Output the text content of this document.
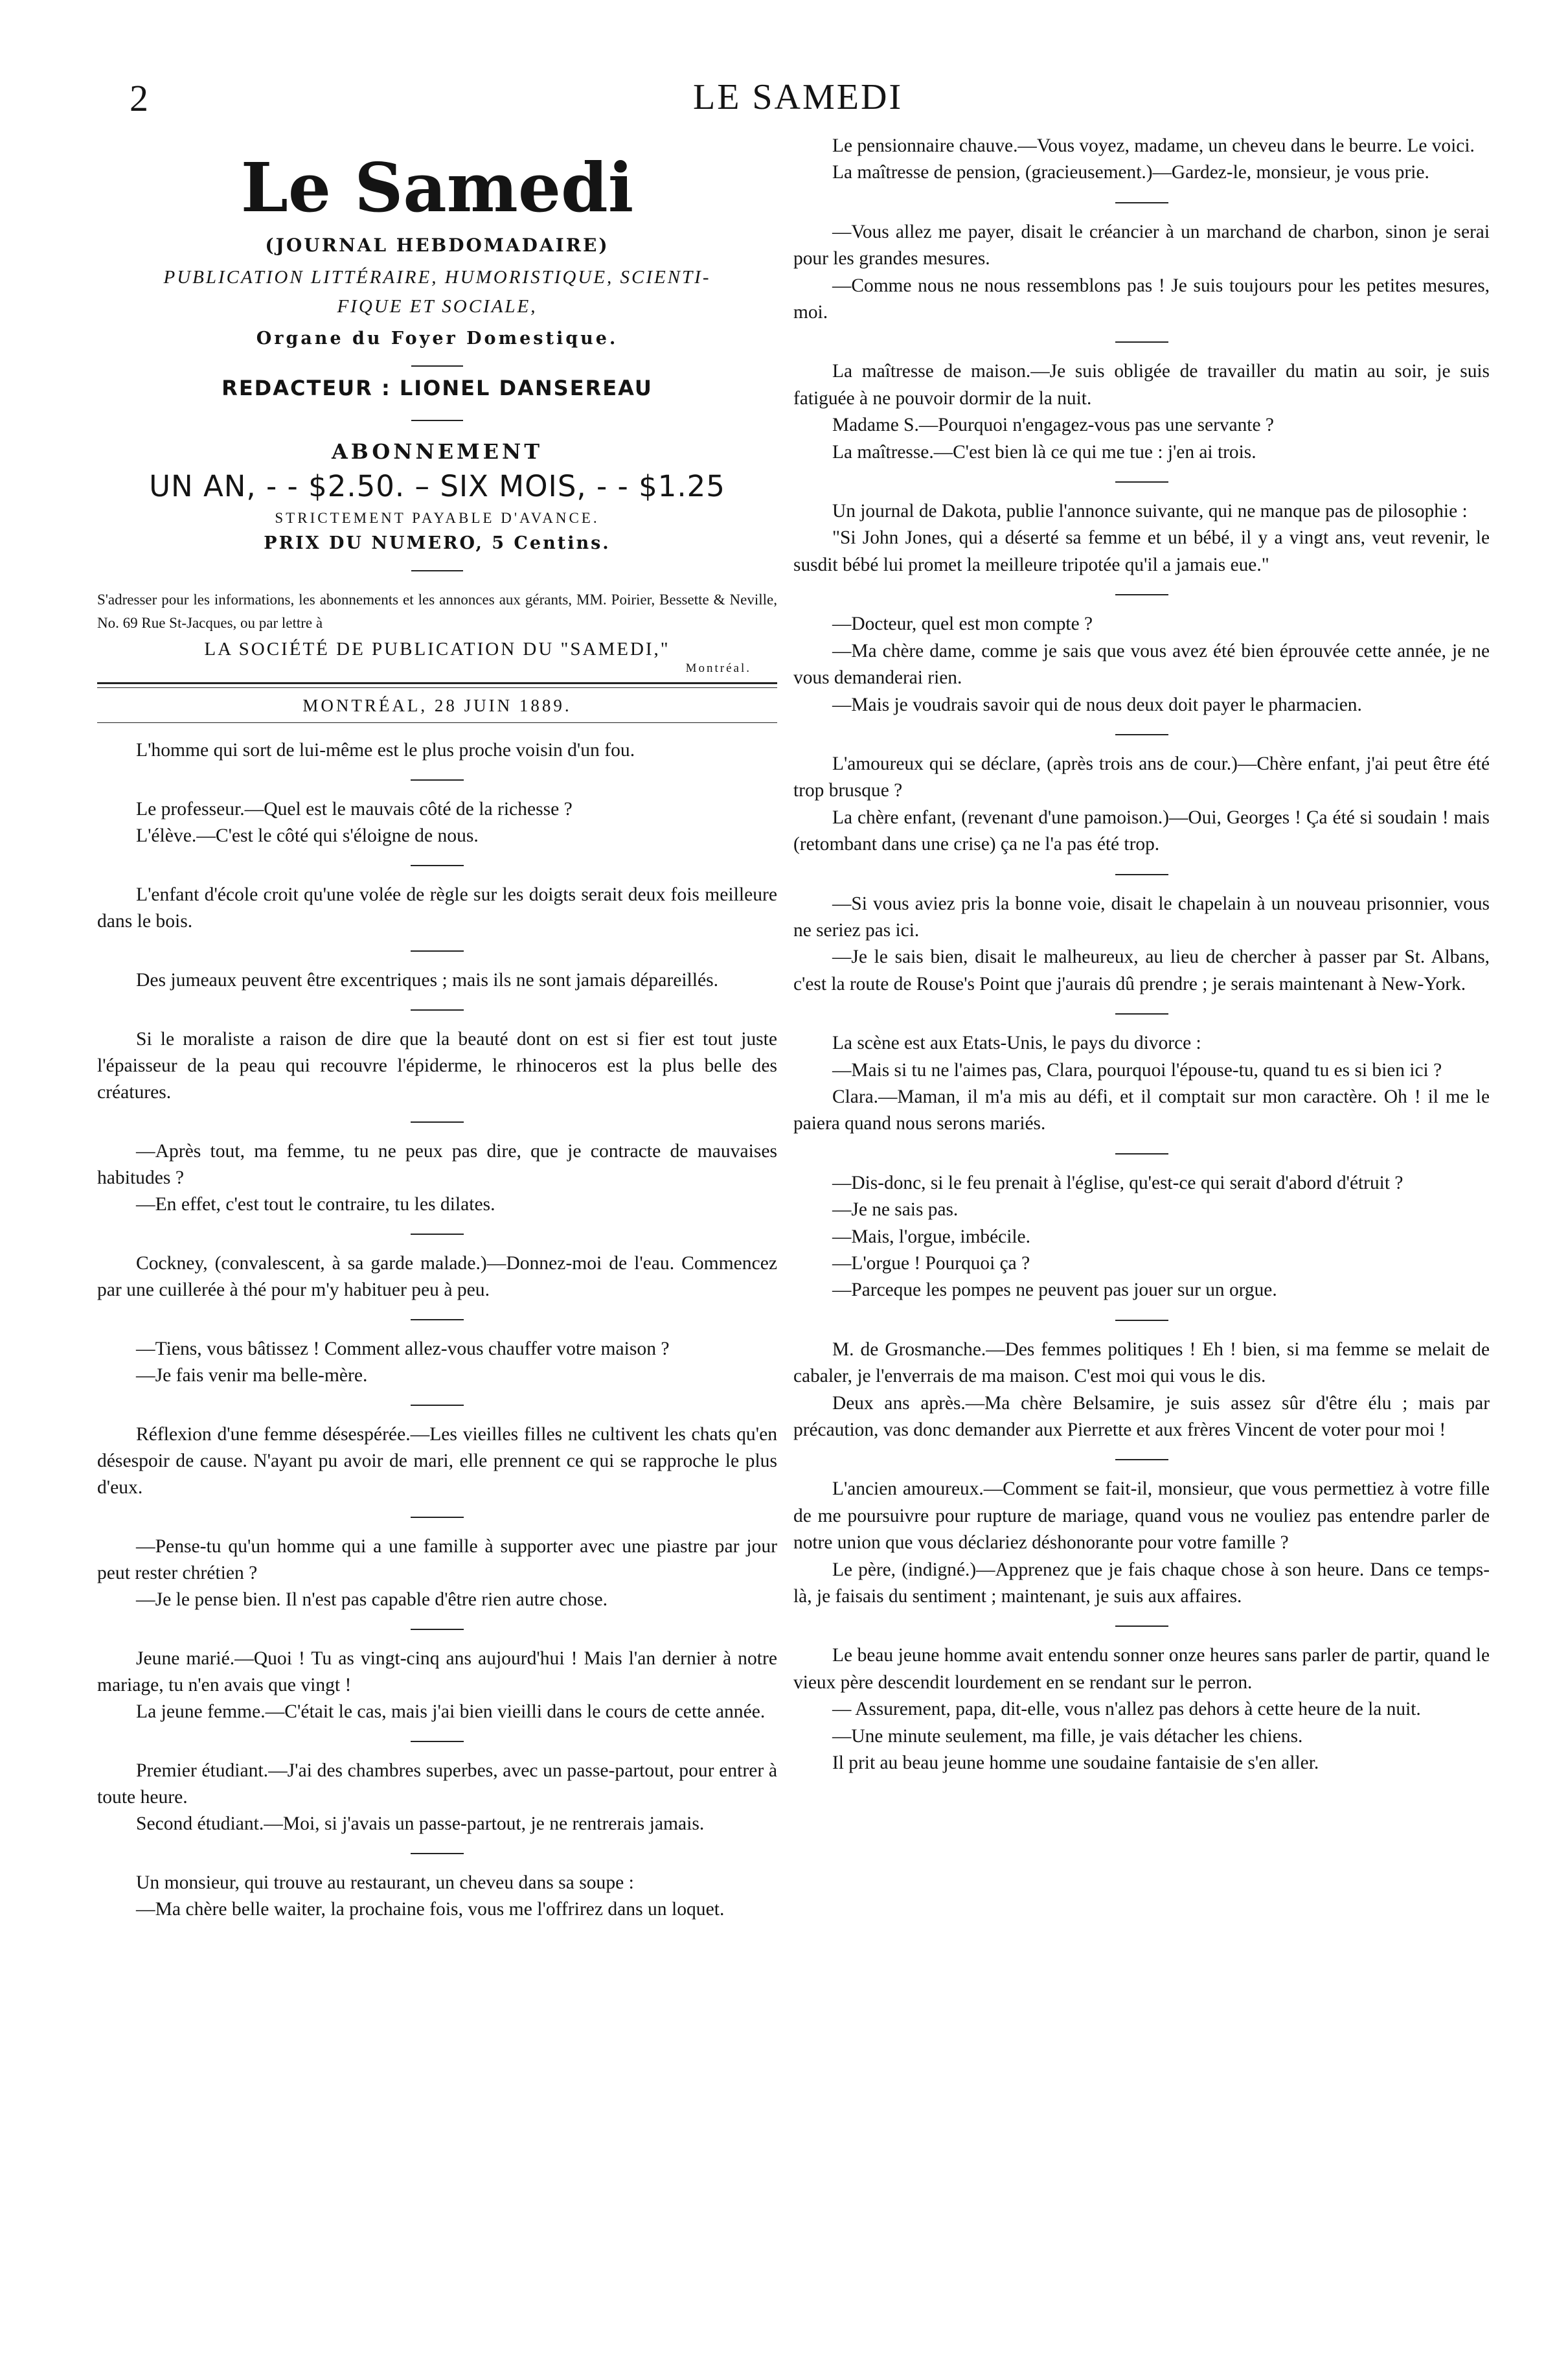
2	LE SAMEDI
Le Samedi
(JOURNAL HEBDOMADAIRE)
PUBLICATION LITTÉRAIRE, HUMORISTIQUE, SCIENTI-
FIQUE ET SOCIALE,
Organe du Foyer Domestique.
REDACTEUR : LIONEL DANSEREAU
ABONNEMENT
UN AN, - - $2.50. – SIX MOIS, - - $1.25
STRICTEMENT PAYABLE D'AVANCE.
PRIX DU NUMERO, 5 Centins.

S'adresser pour les informations, les abonnements et les annonces aux gérants, MM. Poirier, Bessette & Neville, No. 69 Rue St-Jacques, ou par lettre à

LA SOCIÉTÉ DE PUBLICATION DU "SAMEDI,"
Montréal.
MONTRÉAL, 28 JUIN 1889.

L'homme qui sort de lui-même est le plus proche voisin d'un fou.

Le professeur.—Quel est le mauvais côté de la richesse ?

L'élève.—C'est le côté qui s'éloigne de nous.

L'enfant d'école croit qu'une volée de règle sur les doigts serait deux fois meilleure dans le bois.

Des jumeaux peuvent être excentriques ; mais ils ne sont jamais dépareillés.

Si le moraliste a raison de dire que la beauté dont on est si fier est tout juste l'épaisseur de la peau qui recouvre l'épiderme, le rhinoceros est la plus belle des créatures.

—Après tout, ma femme, tu ne peux pas dire, que je contracte de mauvaises habitudes ?

—En effet, c'est tout le contraire, tu les dilates.

Cockney, (convalescent, à sa garde malade.)—Donnez-moi de l'eau. Commencez par une cuillerée à thé pour m'y habituer peu à peu.

—Tiens, vous bâtissez ! Comment allez-vous chauffer votre maison ?

—Je fais venir ma belle-mère.

Réflexion d'une femme désespérée.—Les vieilles filles ne cultivent les chats qu'en désespoir de cause. N'ayant pu avoir de mari, elle prennent ce qui se rapproche le plus d'eux.

—Pense-tu qu'un homme qui a une famille à supporter avec une piastre par jour peut rester chrétien ?

—Je le pense bien. Il n'est pas capable d'être rien autre chose.

Jeune marié.—Quoi ! Tu as vingt-cinq ans aujourd'hui ! Mais l'an dernier à notre mariage, tu n'en avais que vingt !

La jeune femme.—C'était le cas, mais j'ai bien vieilli dans le cours de cette année.

Premier étudiant.—J'ai des chambres superbes, avec un passe-partout, pour entrer à toute heure.

Second étudiant.—Moi, si j'avais un passe-partout, je ne rentrerais jamais.

Un monsieur, qui trouve au restaurant, un cheveu dans sa soupe :

—Ma chère belle waiter, la prochaine fois, vous me l'offrirez dans un loquet.

Le pensionnaire chauve.—Vous voyez, madame, un cheveu dans le beurre. Le voici.

La maîtresse de pension, (gracieusement.)—Gardez-le, monsieur, je vous prie.

—Vous allez me payer, disait le créancier à un marchand de charbon, sinon je serai pour les grandes mesures.

—Comme nous ne nous ressemblons pas ! Je suis toujours pour les petites mesures, moi.

La maîtresse de maison.—Je suis obligée de travailler du matin au soir, je suis fatiguée à ne pouvoir dormir de la nuit.

Madame S.—Pourquoi n'engagez-vous pas une servante ?

La maîtresse.—C'est bien là ce qui me tue : j'en ai trois.

Un journal de Dakota, publie l'annonce suivante, qui ne manque pas de pilosophie :

"Si John Jones, qui a déserté sa femme et un bébé, il y a vingt ans, veut revenir, le susdit bébé lui promet la meilleure tripotée qu'il a jamais eue."

—Docteur, quel est mon compte ?

—Ma chère dame, comme je sais que vous avez été bien éprouvée cette année, je ne vous demanderai rien.

—Mais je voudrais savoir qui de nous deux doit payer le pharmacien.

L'amoureux qui se déclare, (après trois ans de cour.)—Chère enfant, j'ai peut être été trop brusque ?

La chère enfant, (revenant d'une pamoison.)—Oui, Georges ! Ça été si soudain ! mais (retombant dans une crise) ça ne l'a pas été trop.

—Si vous aviez pris la bonne voie, disait le chapelain à un nouveau prisonnier, vous ne seriez pas ici.

—Je le sais bien, disait le malheureux, au lieu de chercher à passer par St. Albans, c'est la route de Rouse's Point que j'aurais dû prendre ; je serais maintenant à New-York.

La scène est aux Etats-Unis, le pays du divorce :

—Mais si tu ne l'aimes pas, Clara, pourquoi l'épouse-tu, quand tu es si bien ici ?

Clara.—Maman, il m'a mis au défi, et il comptait sur mon caractère. Oh ! il me le paiera quand nous serons mariés.

—Dis-donc, si le feu prenait à l'église, qu'est-ce qui serait d'abord d'étruit ?

—Je ne sais pas.

—Mais, l'orgue, imbécile.

—L'orgue ! Pourquoi ça ?

—Parceque les pompes ne peuvent pas jouer sur un orgue.

M. de Grosmanche.—Des femmes politiques ! Eh ! bien, si ma femme se melait de cabaler, je l'enverrais de ma maison. C'est moi qui vous le dis.

Deux ans après.—Ma chère Belsamire, je suis assez sûr d'être élu ; mais par précaution, vas donc demander aux Pierrette et aux frères Vincent de voter pour moi !

L'ancien amoureux.—Comment se fait-il, monsieur, que vous permettiez à votre fille de me poursuivre pour rupture de mariage, quand vous ne vouliez pas entendre parler de notre union que vous déclariez déshonorante pour votre famille ?

Le père, (indigné.)—Apprenez que je fais chaque chose à son heure. Dans ce temps-là, je faisais du sentiment ; maintenant, je suis aux affaires.

Le beau jeune homme avait entendu sonner onze heures sans parler de partir, quand le vieux père descendit lourdement en se rendant sur le perron.

— Assurement, papa, dit-elle, vous n'allez pas dehors à cette heure de la nuit.

—Une minute seulement, ma fille, je vais détacher les chiens.

Il prit au beau jeune homme une soudaine fantaisie de s'en aller.
